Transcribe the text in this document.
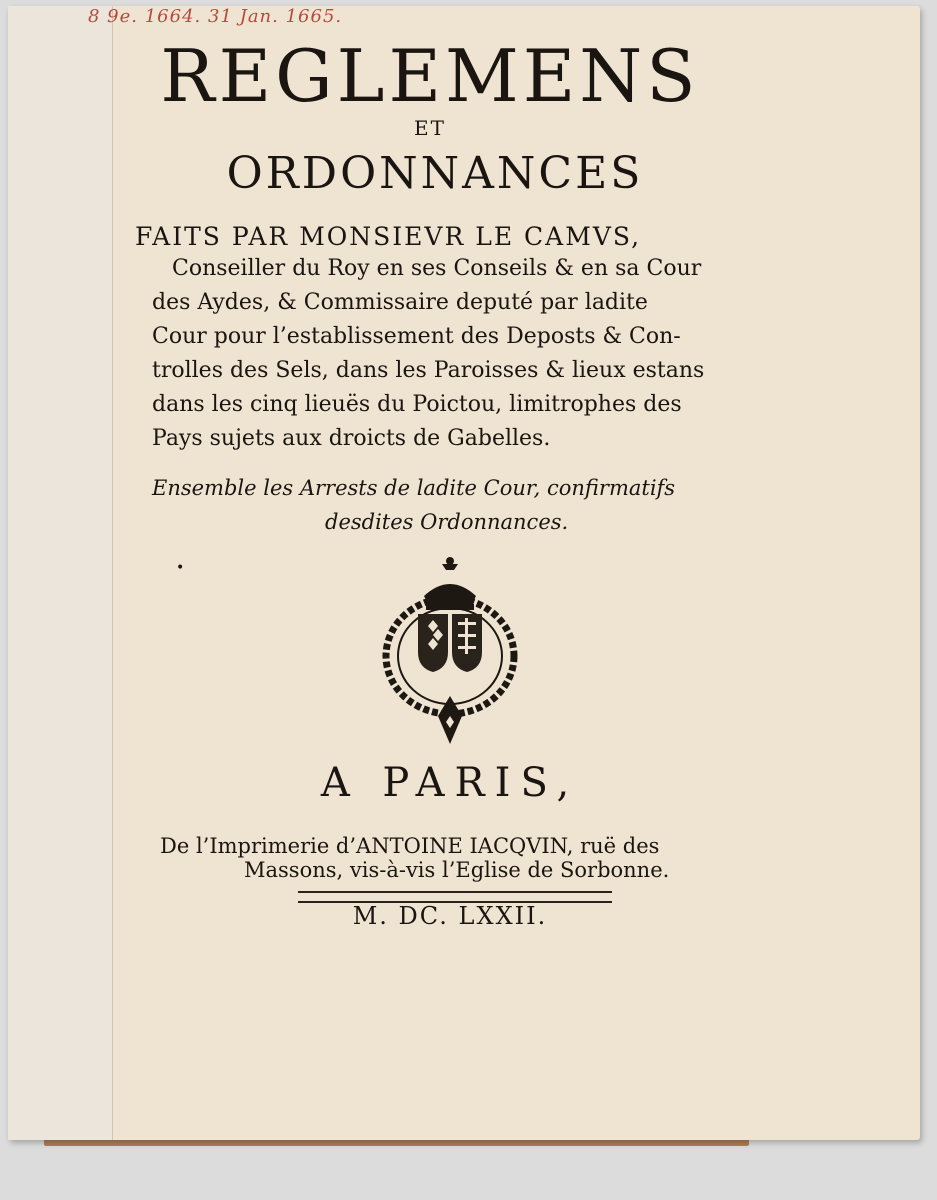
8 9e. 1664. 31 Jan. 1665.
REGLEMENS
ET
ORDONNANCES
FAITS PAR MONSIEVR LE CAMVS,
Conseiller du Roy en ses Conseils & en sa Cour
des Aydes, & Commissaire deputé par ladite
Cour pour l’establissement des Deposts & Con-
trolles des Sels, dans les Paroisses & lieux estans
dans les cinq lieuës du Poictou, limitrophes des
Pays sujets aux droicts de Gabelles.
Ensemble les Arrests de ladite Cour, confirmatifs
desdites Ordonnances.
•
A PARIS,
De l’Imprimerie d’ANTOINE IACQVIN, ruë des
Massons, vis-à-vis l’Eglise de Sorbonne.
M. DC. LXXII.
